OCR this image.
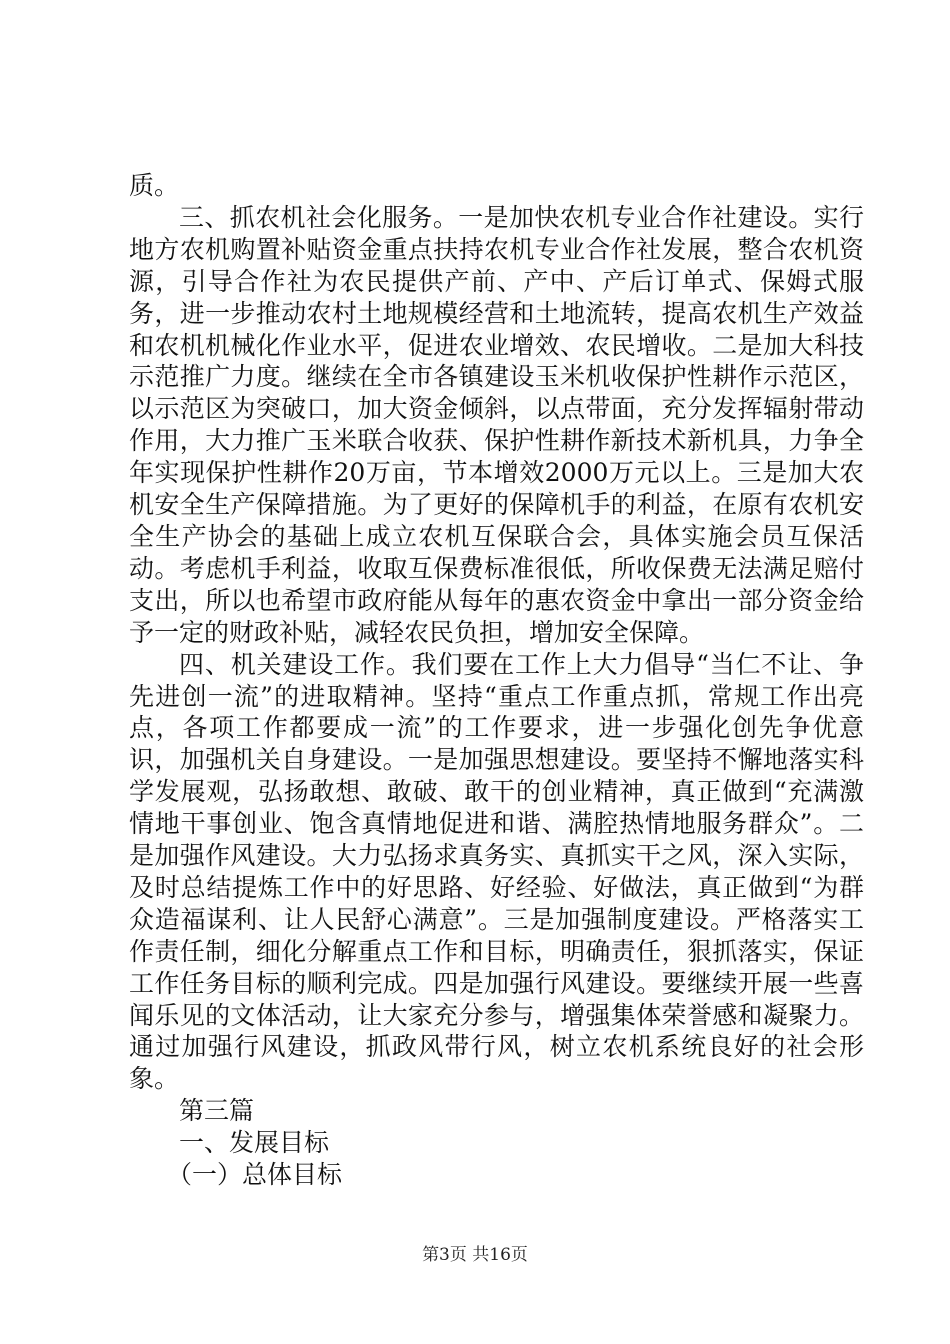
质。

三、抓农机社会化服务。一是加快农机专业合作社建设。实行地方农机购置补贴资金重点扶持农机专业合作社发展，整合农机资源，引导合作社为农民提供产前、产中、产后订单式、保姆式服务，进一步推动农村土地规模经营和土地流转，提高农机生产效益和农机机械化作业水平，促进农业增效、农民增收。二是加大科技示范推广力度。继续在全市各镇建设玉米机收保护性耕作示范区，以示范区为突破口，加大资金倾斜，以点带面，充分发挥辐射带动作用，大力推广玉米联合收获、保护性耕作新技术新机具，力争全年实现保护性耕作20万亩，节本增效2000万元以上。三是加大农机安全生产保障措施。为了更好的保障机手的利益，在原有农机安全生产协会的基础上成立农机互保联合会，具体实施会员互保活动。考虑机手利益，收取互保费标准很低，所收保费无法满足赔付支出，所以也希望市政府能从每年的惠农资金中拿出一部分资金给予一定的财政补贴，减轻农民负担，增加安全保障。

四、机关建设工作。我们要在工作上大力倡导“当仁不让、争先进创一流”的进取精神。坚持“重点工作重点抓，常规工作出亮点，各项工作都要成一流”的工作要求，进一步强化创先争优意识，加强机关自身建设。一是加强思想建设。要坚持不懈地落实科学发展观，弘扬敢想、敢破、敢干的创业精神，真正做到“充满激情地干事创业、饱含真情地促进和谐、满腔热情地服务群众”。二是加强作风建设。大力弘扬求真务实、真抓实干之风，深入实际，及时总结提炼工作中的好思路、好经验、好做法，真正做到“为群众造福谋利、让人民舒心满意”。三是加强制度建设。严格落实工作责任制，细化分解重点工作和目标，明确责任，狠抓落实，保证工作任务目标的顺利完成。四是加强行风建设。要继续开展一些喜闻乐见的文体活动，让大家充分参与，增强集体荣誉感和凝聚力。通过加强行风建设，抓政风带行风，树立农机系统良好的社会形象。

第三篇

一、发展目标

（一）总体目标

第3页 共16页
